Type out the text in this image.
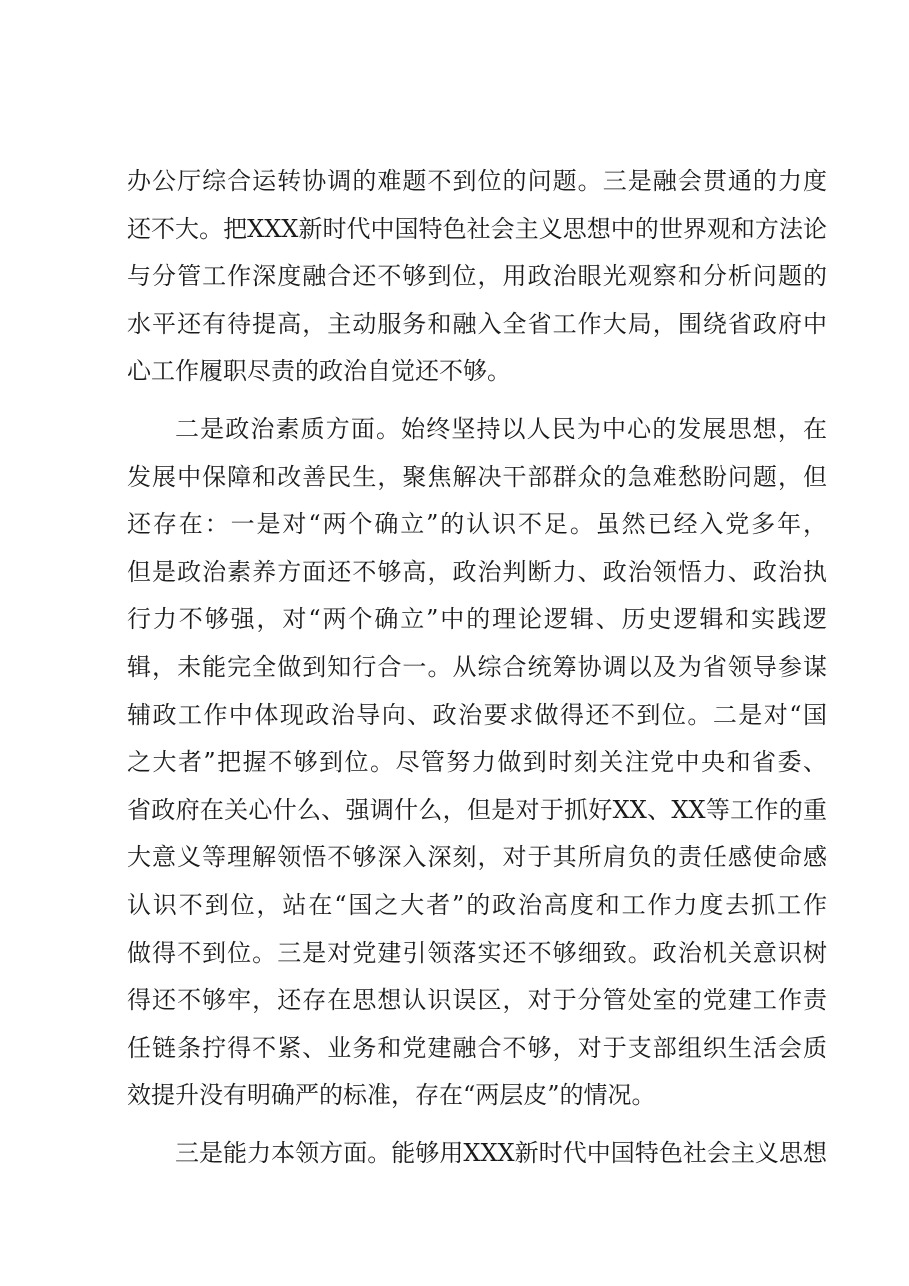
办公厅综合运转协调的难题不到位的问题。三是融会贯通的力度
还不大。把XXX新时代中国特色社会主义思想中的世界观和方法论
与分管工作深度融合还不够到位，用政治眼光观察和分析问题的
水平还有待提高，主动服务和融入全省工作大局，围绕省政府中
心工作履职尽责的政治自觉还不够。
二是政治素质方面。始终坚持以人民为中心的发展思想，在
发展中保障和改善民生，聚焦解决干部群众的急难愁盼问题，但
还存在：一是对“两个确立”的认识不足。虽然已经入党多年，
但是政治素养方面还不够高，政治判断力、政治领悟力、政治执
行力不够强，对“两个确立”中的理论逻辑、历史逻辑和实践逻
辑，未能完全做到知行合一。从综合统筹协调以及为省领导参谋
辅政工作中体现政治导向、政治要求做得还不到位。二是对“国
之大者”把握不够到位。尽管努力做到时刻关注党中央和省委、
省政府在关心什么、强调什么，但是对于抓好XX、XX等工作的重
大意义等理解领悟不够深入深刻，对于其所肩负的责任感使命感
认识不到位，站在“国之大者”的政治高度和工作力度去抓工作
做得不到位。三是对党建引领落实还不够细致。政治机关意识树
得还不够牢，还存在思想认识误区，对于分管处室的党建工作责
任链条拧得不紧、业务和党建融合不够，对于支部组织生活会质
效提升没有明确严的标准，存在“两层皮”的情况。
三是能力本领方面。能够用XXX新时代中国特色社会主义思想
